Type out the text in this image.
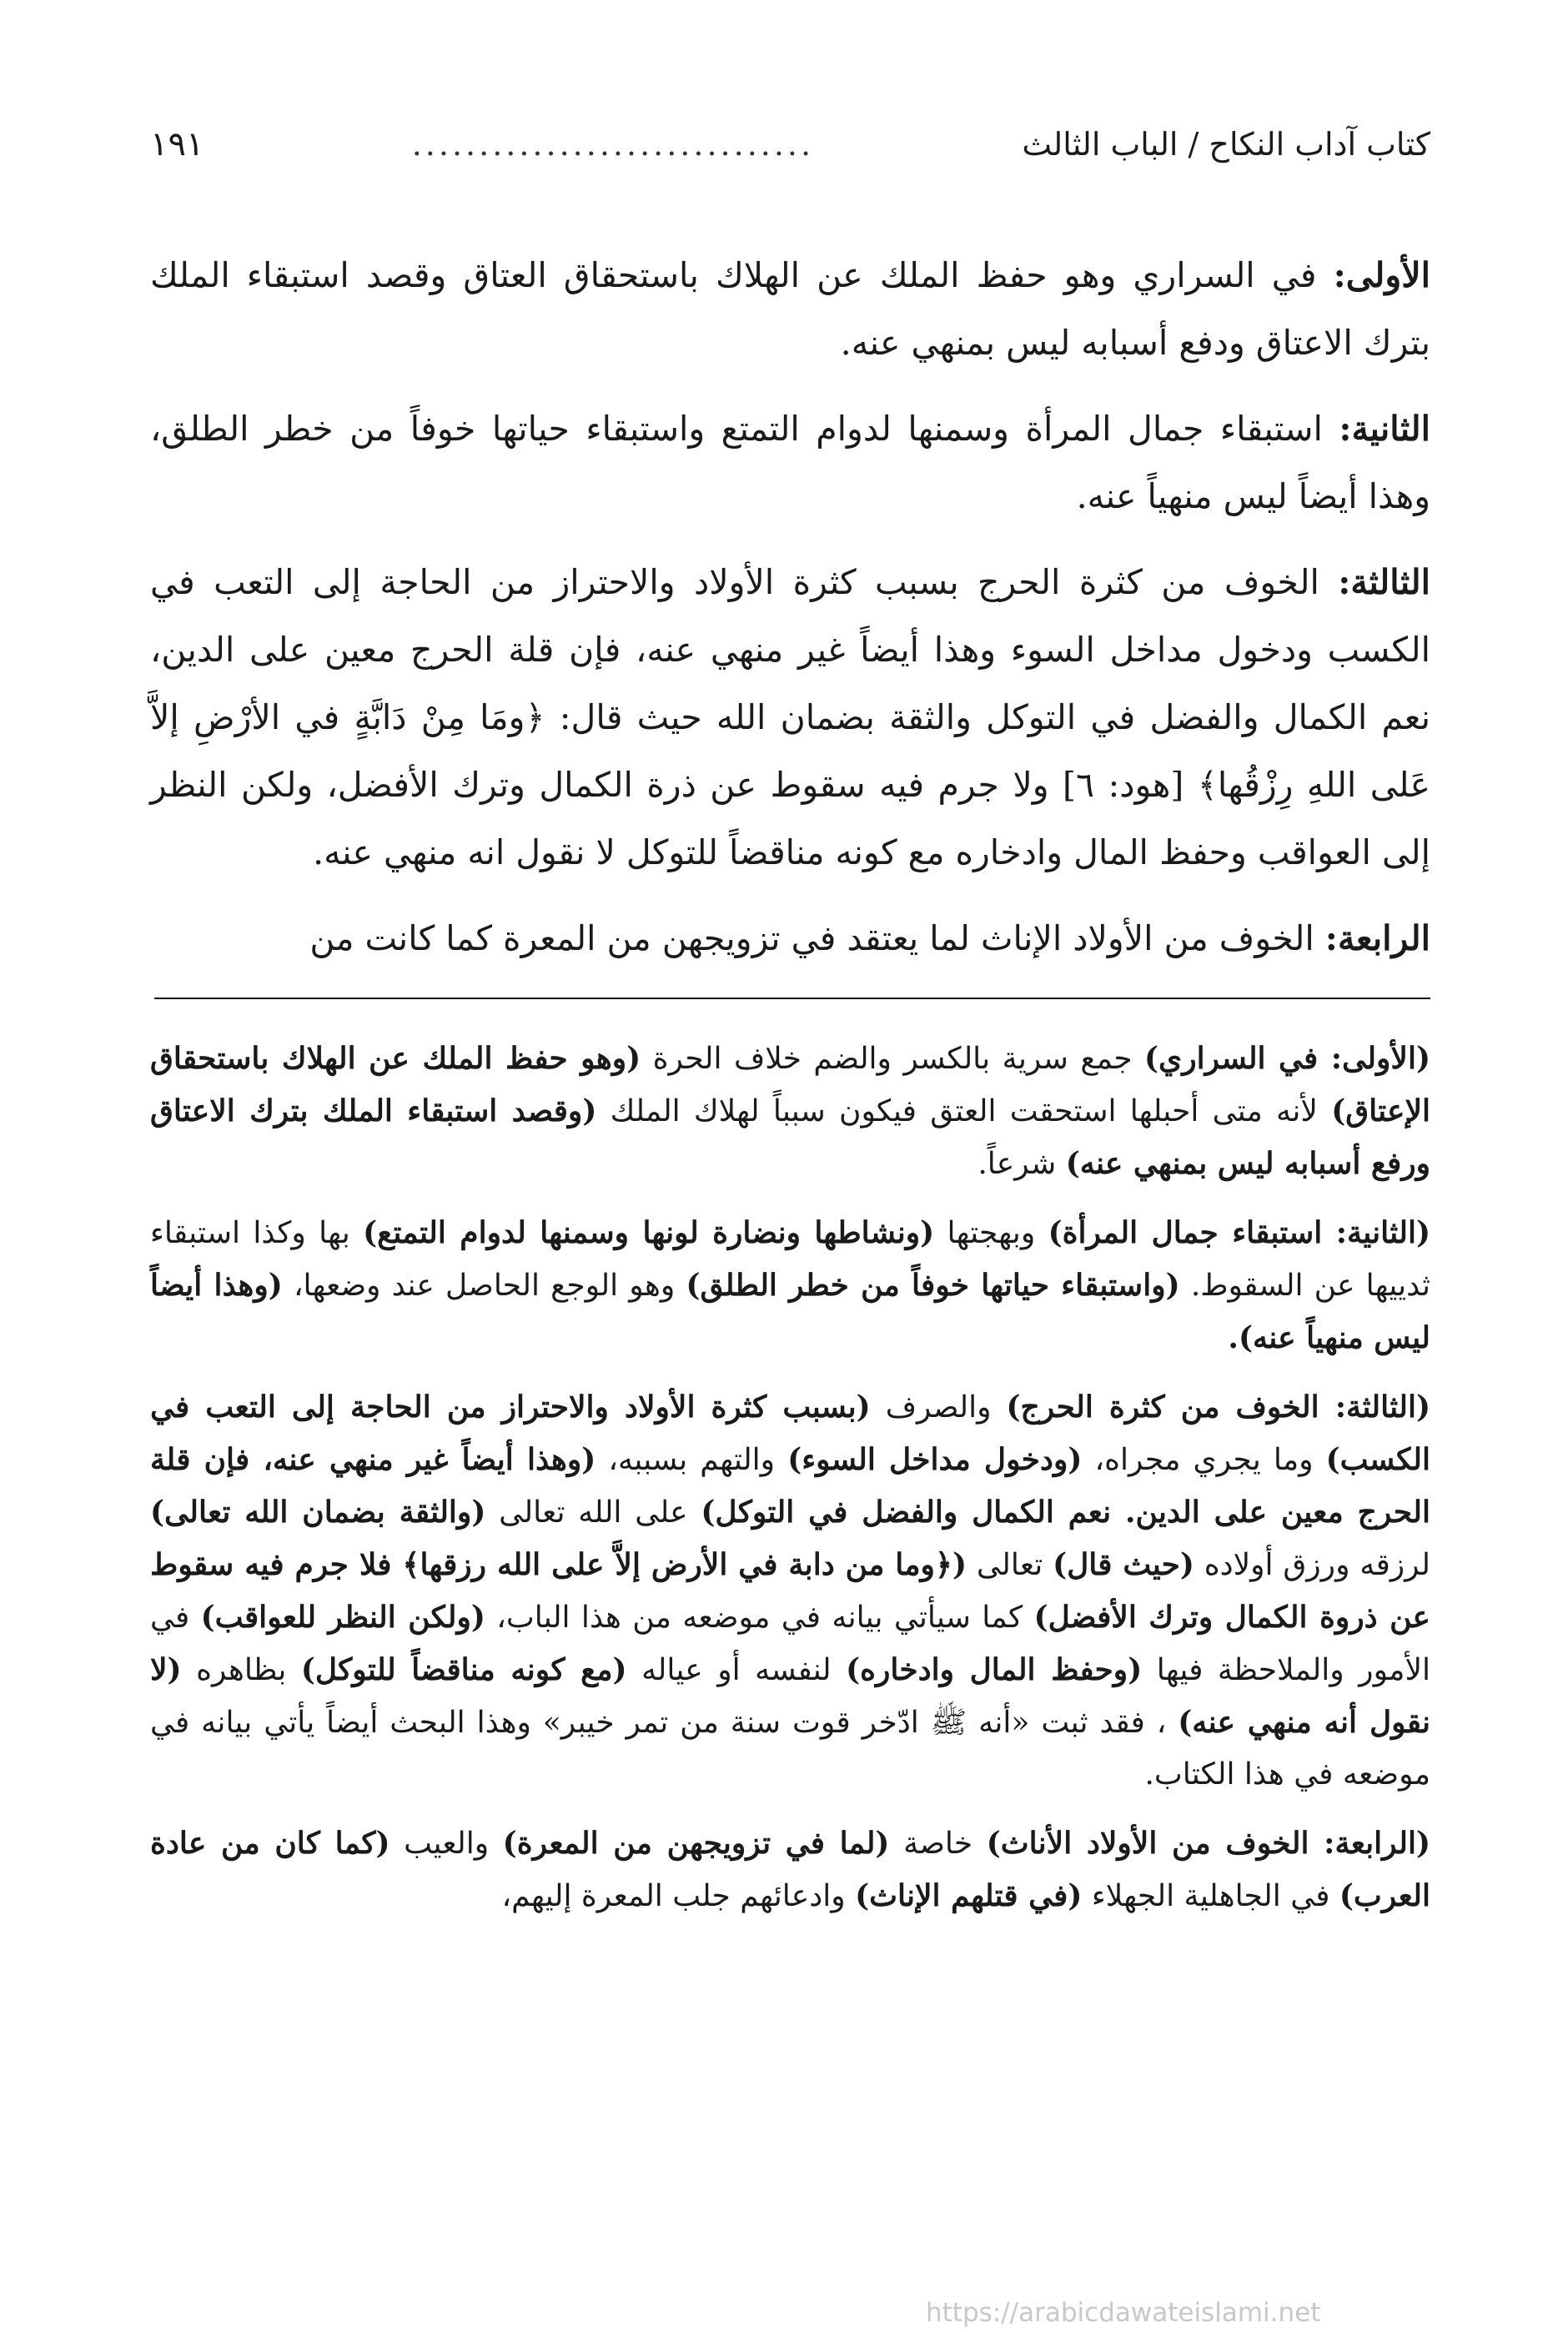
كتاب آداب النكاح / الباب الثالث
..............................
١٩١

الأولى: في السراري وهو حفظ الملك عن الهلاك باستحقاق العتاق وقصد استبقاء الملك بترك الاعتاق ودفع أسبابه ليس بمنهي عنه.

الثانية: استبقاء جمال المرأة وسمنها لدوام التمتع واستبقاء حياتها خوفاً من خطر الطلق، وهذا أيضاً ليس منهياً عنه.

الثالثة: الخوف من كثرة الحرج بسبب كثرة الأولاد والاحتراز من الحاجة إلى التعب في الكسب ودخول مداخل السوء وهذا أيضاً غير منهي عنه، فإن قلة الحرج معين على الدين، نعم الكمال والفضل في التوكل والثقة بضمان الله حيث قال: ﴿ومَا مِنْ دَابَّةٍ في الأرْضِ إلاَّ عَلى اللهِ رِزْقُها﴾ [هود: ٦] ولا جرم فيه سقوط عن ذرة الكمال وترك الأفضل، ولكن النظر إلى العواقب وحفظ المال وادخاره مع كونه مناقضاً للتوكل لا نقول انه منهي عنه.

الرابعة: الخوف من الأولاد الإناث لما يعتقد في تزويجهن من المعرة كما كانت من

(الأولى: في السراري) جمع سرية بالكسر والضم خلاف الحرة (وهو حفظ الملك عن الهلاك باستحقاق الإعتاق) لأنه متى أحبلها استحقت العتق فيكون سبباً لهلاك الملك (وقصد استبقاء الملك بترك الاعتاق ورفع أسبابه ليس بمنهي عنه) شرعاً.

(الثانية: استبقاء جمال المرأة) وبهجتها (ونشاطها ونضارة لونها وسمنها لدوام التمتع) بها وكذا استبقاء ثدييها عن السقوط. (واستبقاء حياتها خوفاً من خطر الطلق) وهو الوجع الحاصل عند وضعها، (وهذا أيضاً ليس منهياً عنه).

(الثالثة: الخوف من كثرة الحرج) والصرف (بسبب كثرة الأولاد والاحتراز من الحاجة إلى التعب في الكسب) وما يجري مجراه، (ودخول مداخل السوء) والتهم بسببه، (وهذا أيضاً غير منهي عنه، فإن قلة الحرج معين على الدين. نعم الكمال والفضل في التوكل) على الله تعالى (والثقة بضمان الله تعالى) لرزقه ورزق أولاده (حيث قال) تعالى (﴿وما من دابة في الأرض إلاَّ على الله رزقها﴾ فلا جرم فيه سقوط عن ذروة الكمال وترك الأفضل) كما سيأتي بيانه في موضعه من هذا الباب، (ولكن النظر للعواقب) في الأمور والملاحظة فيها (وحفظ المال وادخاره) لنفسه أو عياله (مع كونه مناقضاً للتوكل) بظاهره (لا نقول أنه منهي عنه) ، فقد ثبت «أنه ﷺ ادّخر قوت سنة من تمر خيبر» وهذا البحث أيضاً يأتي بيانه في موضعه في هذا الكتاب.

(الرابعة: الخوف من الأولاد الأناث) خاصة (لما في تزويجهن من المعرة) والعيب (كما كان من عادة العرب) في الجاهلية الجهلاء (في قتلهم الإناث) وادعائهم جلب المعرة إليهم،

https://arabicdawateislami.net
